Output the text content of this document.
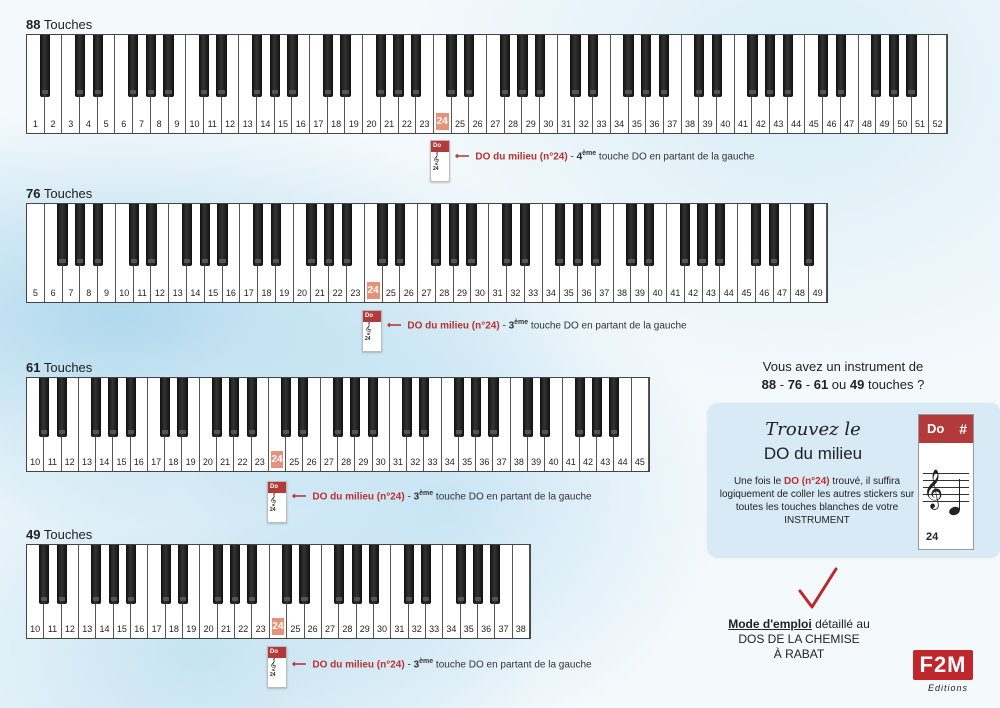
88 Touches
1	2	3	4	5	6	7	8	9	10 11 12 13 14 15 16 17 18 19 20 21 22 23 24 25 26 27 28 29 30 31 32 33 34 35 36 37 38 39 40 41 42 43 44 45 46 47 48 49 50 51 52
76 Touches
5	6	7	8	9	10 11 12 13 14 15 16 17 18 19 20 21 22 23 24 25 26 27 28 29 30 31 32 33 34 35 36 37 38 39 40 41 42 43 44 45 46 47 48 49
61 Touches
10 11 12 13 14 15 16 17 18 19 20 21 22 23 24 25 26 27 28 29 30 31 32 33 34 35 36 37 38 39 40 41 42 43 44 45
49 Touches
10 11 12 13 14 15 16 17 18 19 20 21 22 23 24 25 26 27 28 29 30 31 32 33 34 35 36 37 38
Do
𝄞
24
⟵ DO du milieu (n°24) - 4ème touche DO en partant de la gauche
Do
𝄞
24
⟵ DO du milieu (n°24) - 3ème touche DO en partant de la gauche
Do
𝄞
24
⟵ DO du milieu (n°24) - 3ème touche DO en partant de la gauche
Do
𝄞
24
⟵ DO du milieu (n°24) - 3ème touche DO en partant de la gauche
Vous avez un instrument de
88 - 76 - 61 ou 49 touches ?
Trouvez le
DO du milieu
Une fois le DO (n°24) trouvé, il suffira logiquement de coller les autres stickers sur toutes les touches blanches de votre INSTRUMENT
Do #
𝄞
24
Mode d'emploi détaillé au
DOS DE LA CHEMISE
À RABAT	F2M
Editions
